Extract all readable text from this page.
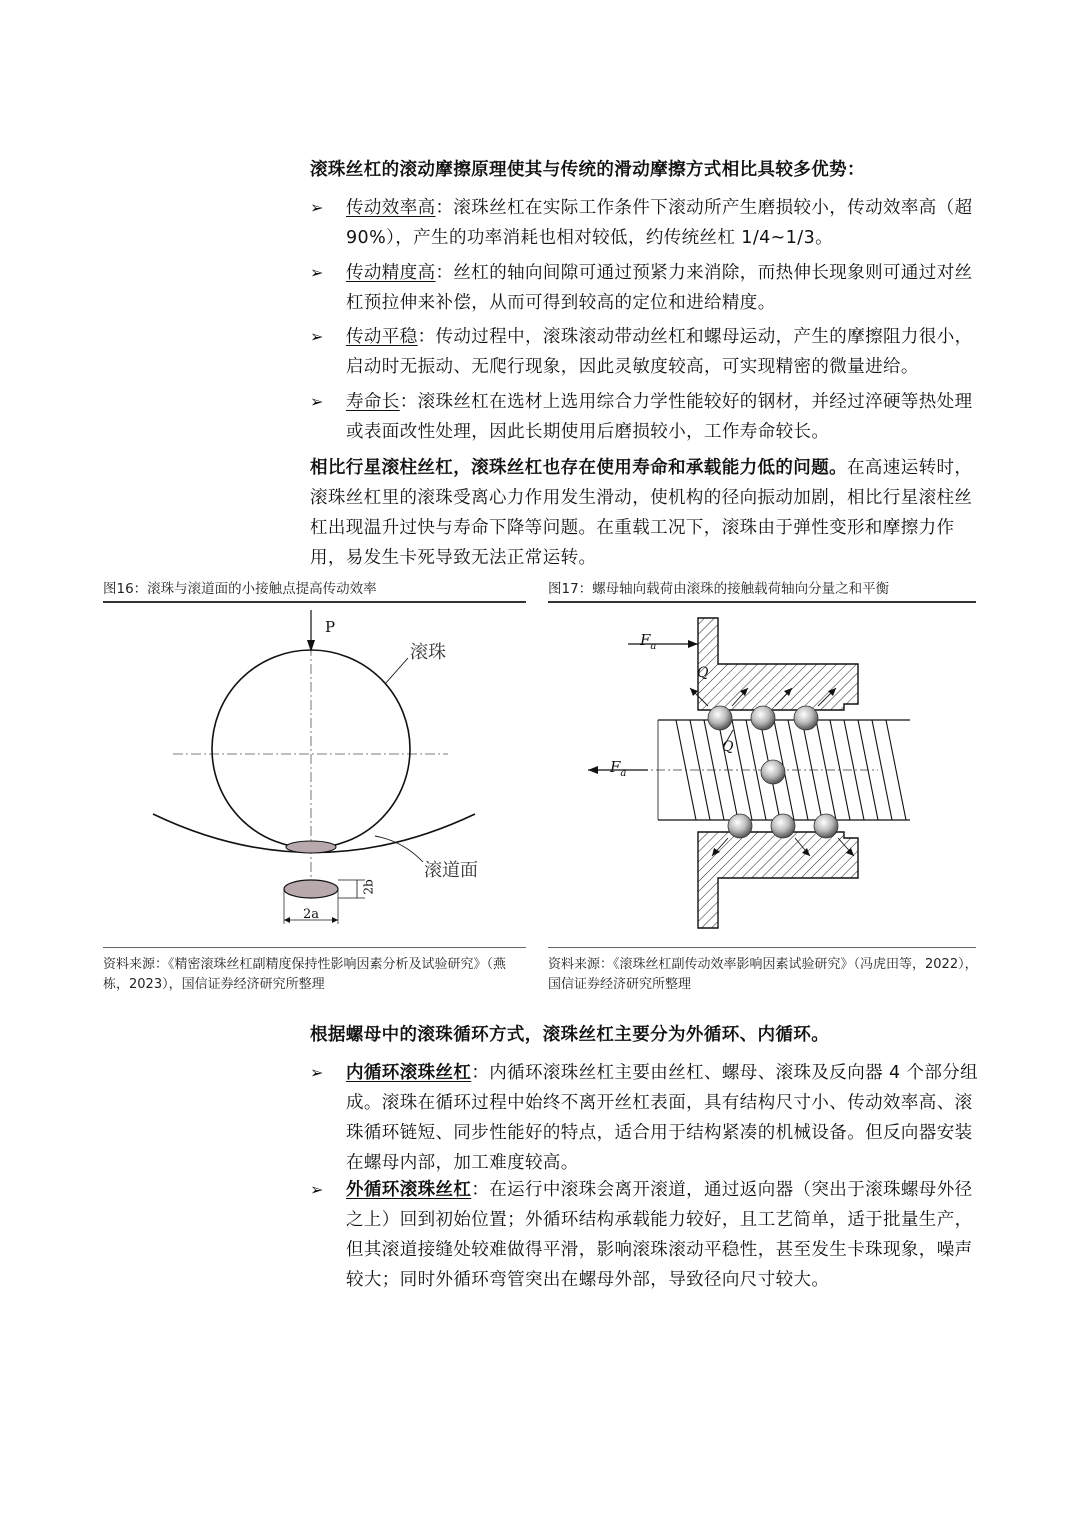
滚珠丝杠的滚动摩擦原理使其与传统的滑动摩擦方式相比具较多优势：
➢ 传动效率高：滚珠丝杠在实际工作条件下滚动所产生磨损较小，传动效率高（超 90%），产生的功率消耗也相对较低，约传统丝杠 1/4~1/3。
➢ 传动精度高：丝杠的轴向间隙可通过预紧力来消除，而热伸长现象则可通过对丝杠预拉伸来补偿，从而可得到较高的定位和进给精度。
➢ 传动平稳：传动过程中，滚珠滚动带动丝杠和螺母运动，产生的摩擦阻力很小，启动时无振动、无爬行现象，因此灵敏度较高，可实现精密的微量进给。
➢ 寿命长：滚珠丝杠在选材上选用综合力学性能较好的钢材，并经过淬硬等热处理或表面改性处理，因此长期使用后磨损较小，工作寿命较长。
相比行星滚柱丝杠，滚珠丝杠也存在使用寿命和承载能力低的问题。在高速运转时，滚珠丝杠里的滚珠受离心力作用发生滑动，使机构的径向振动加剧，相比行星滚柱丝杠出现温升过快与寿命下降等问题。在重载工况下，滚珠由于弹性变形和摩擦力作用，易发生卡死导致无法正常运转。
图16：滚珠与滚道面的小接触点提高传动效率
P
滚珠
滚道面
2b
2a
资料来源：《精密滚珠丝杠副精度保持性影响因素分析及试验研究》（燕栋，2023），国信证券经济研究所整理
图17：螺母轴向载荷由滚珠的接触载荷轴向分量之和平衡
$F_a$
$F_a$
Q
Q
资料来源：《滚珠丝杠副传动效率影响因素试验研究》（冯虎田等，2022），国信证券经济研究所整理
根据螺母中的滚珠循环方式，滚珠丝杠主要分为外循环、内循环。
➢ 内循环滚珠丝杠：内循环滚珠丝杠主要由丝杠、螺母、滚珠及反向器 4 个部分组成。滚珠在循环过程中始终不离开丝杠表面，具有结构尺寸小、传动效率高、滚珠循环链短、同步性能好的特点，适合用于结构紧凑的机械设备。但反向器安装在螺母内部，加工难度较高。
➢ 外循环滚珠丝杠：在运行中滚珠会离开滚道，通过返向器（突出于滚珠螺母外径之上）回到初始位置；外循环结构承载能力较好，且工艺简单，适于批量生产，但其滚道接缝处较难做得平滑，影响滚珠滚动平稳性，甚至发生卡珠现象，噪声较大；同时外循环弯管突出在螺母外部，导致径向尺寸较大。
